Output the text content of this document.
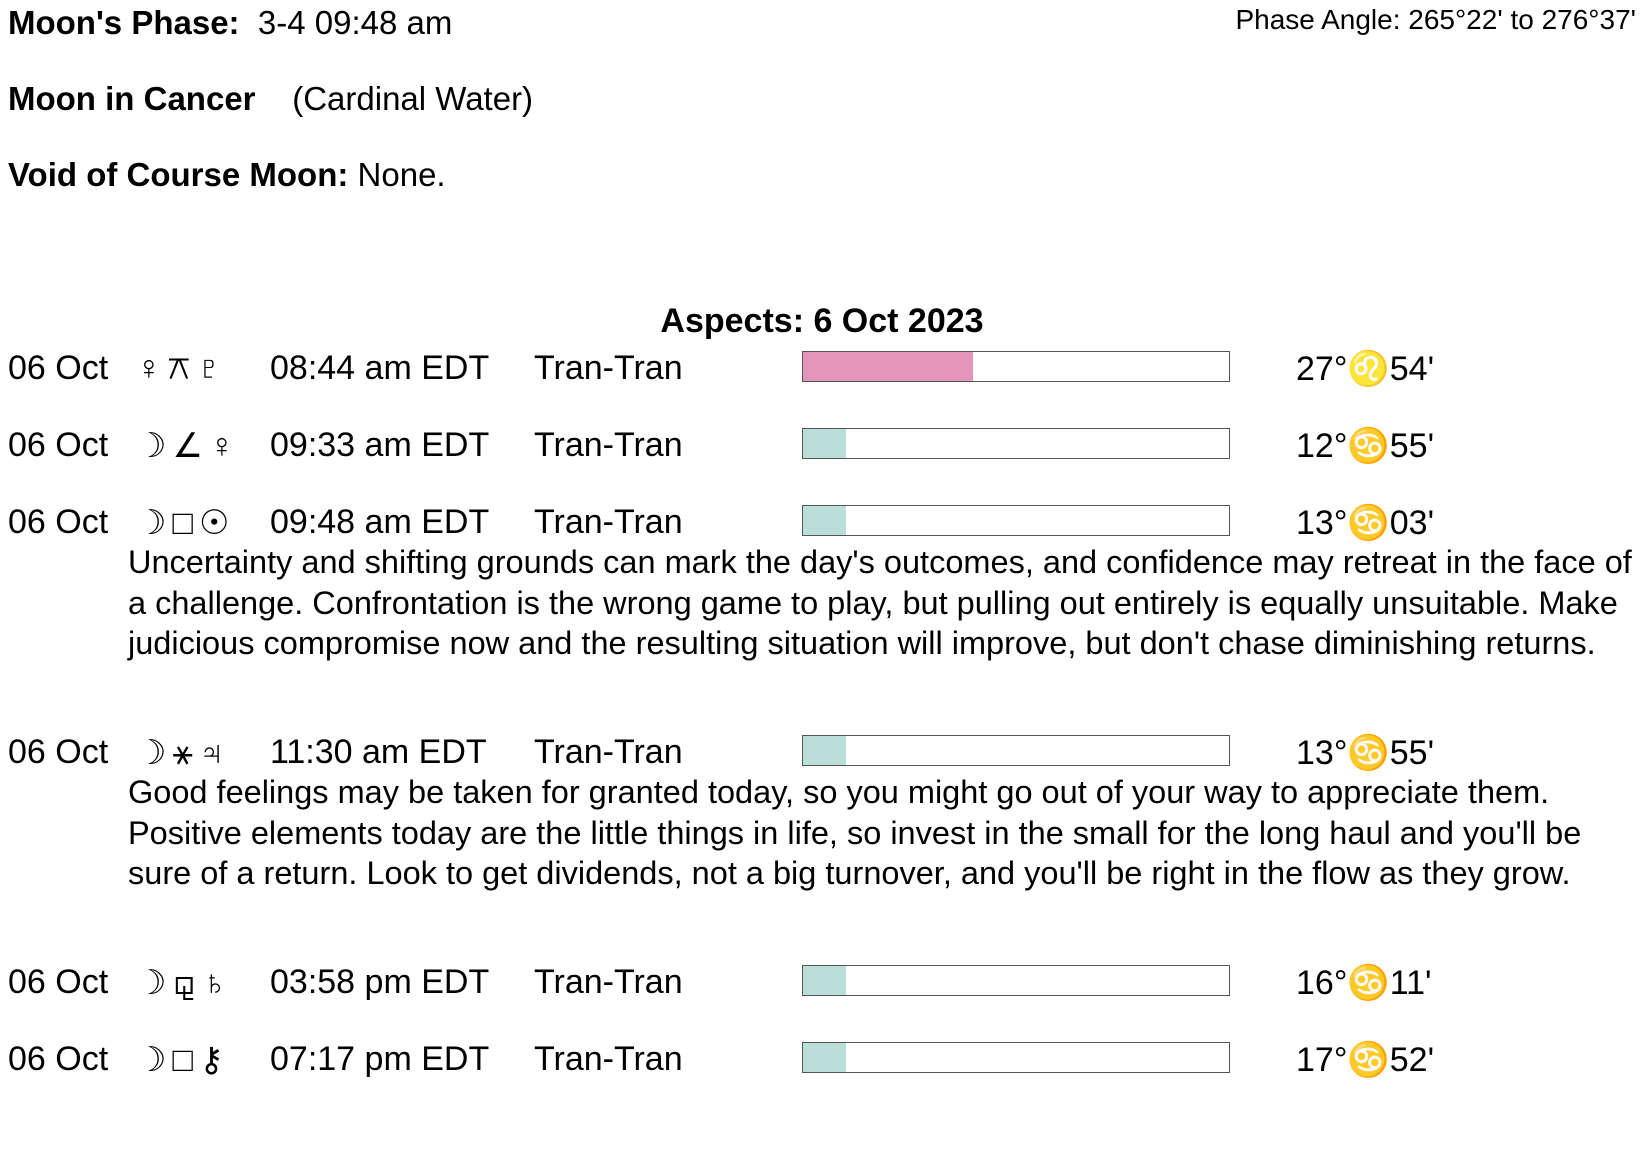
Moon's Phase: 3-4 09:48 am	Phase Angle: 265°22' to 276°37'
Moon in Cancer (Cardinal Water)
Void of Course Moon: None.
Aspects: 6 Oct 2023
06 Oct ♀⚻♇ 08:44 am EDT Tran-Tran	27°♌54'
06 Oct ☽∠♀ 09:33 am EDT Tran-Tran	12°♋55'
06 Oct ☽□☉ 09:48 am EDT Tran-Tran	13°♋03'
Uncertainty and shifting grounds can mark the day's outcomes, and confidence may retreat in the face of a challenge. Confrontation is the wrong game to play, but pulling out entirely is equally unsuitable. Make judicious compromise now and the resulting situation will improve, but don't chase diminishing returns.
06 Oct ☽⚹♃ 11:30 am EDT Tran-Tran	13°♋55'
Good feelings may be taken for granted today, so you might go out of your way to appreciate them. Positive elements today are the little things in life, so invest in the small for the long haul and you'll be sure of a return. Look to get dividends, not a big turnover, and you'll be right in the flow as they grow.
06 Oct ☽⚼♄ 03:58 pm EDT Tran-Tran	16°♋11'
06 Oct ☽□⚷ 07:17 pm EDT Tran-Tran	17°♋52'
